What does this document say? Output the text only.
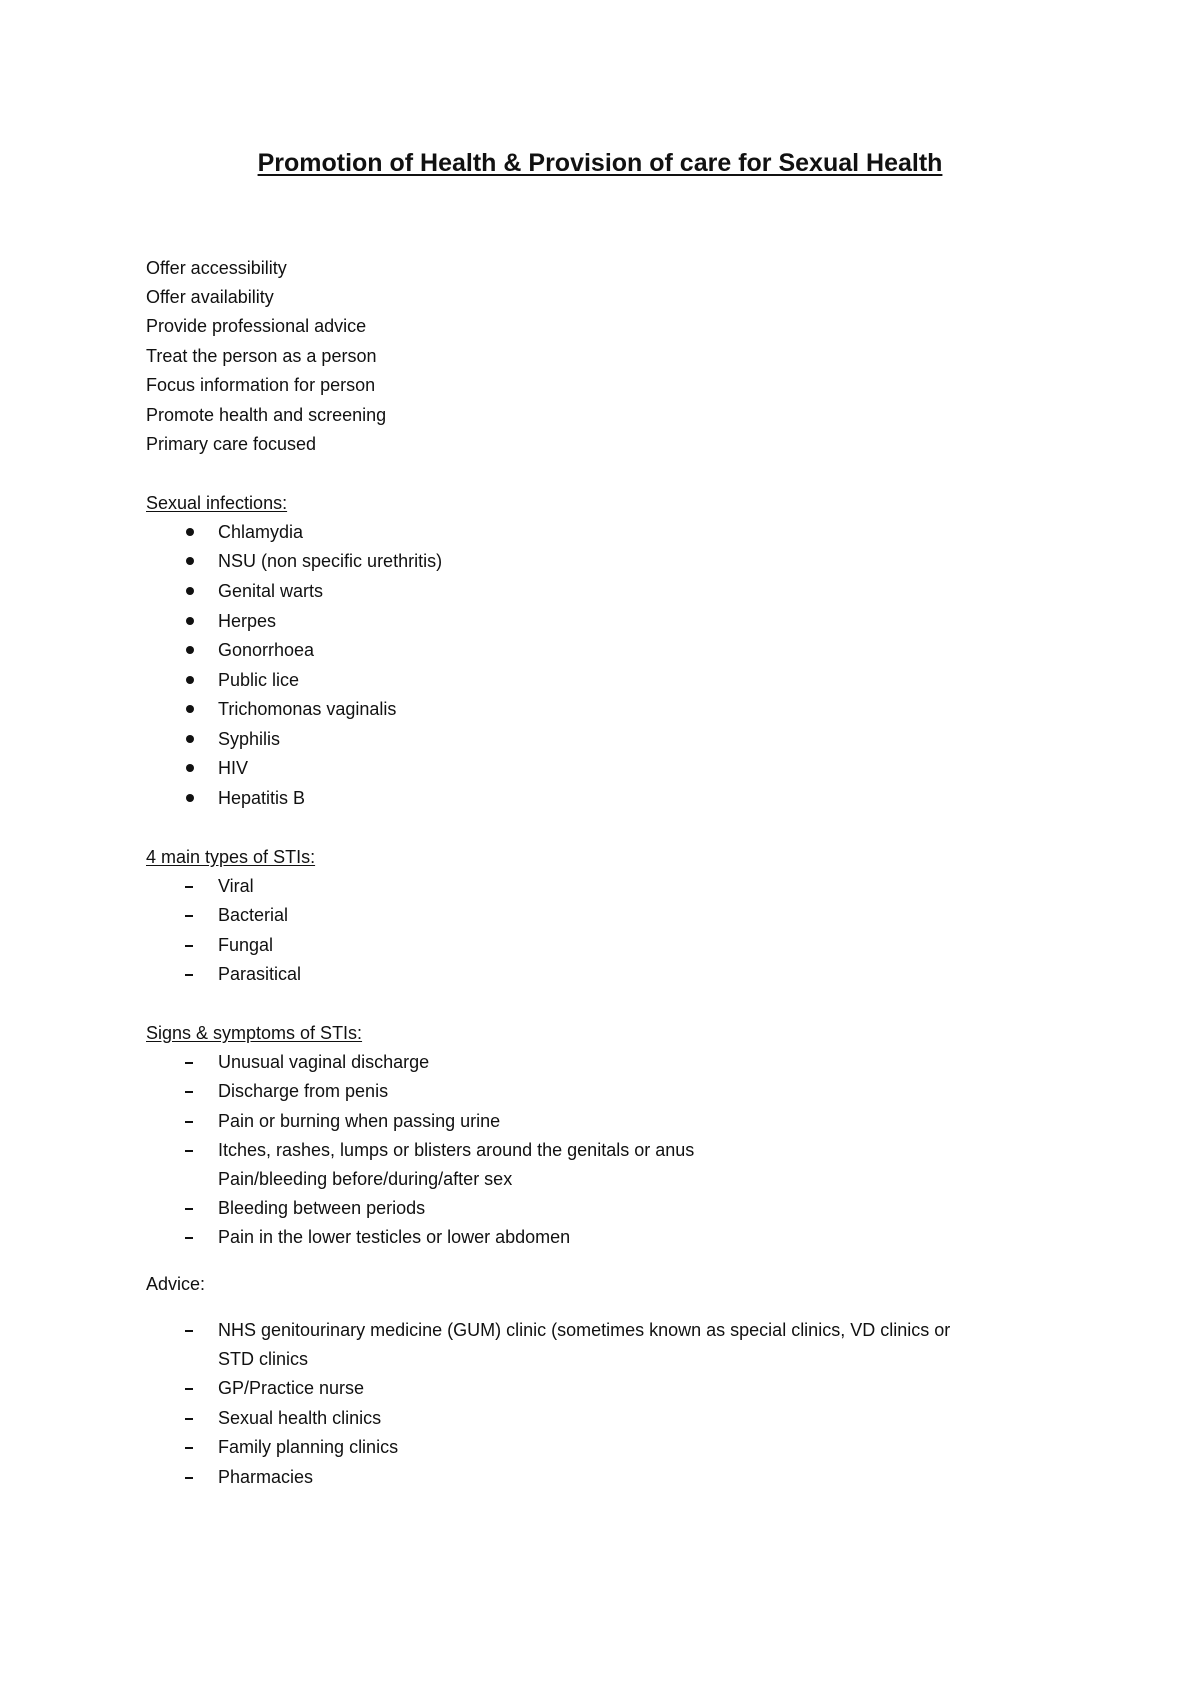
Promotion of Health & Provision of care for Sexual Health
Offer accessibility
Offer availability
Provide professional advice
Treat the person as a person
Focus information for person
Promote health and screening
Primary care focused
Sexual infections:
Chlamydia
NSU (non specific urethritis)
Genital warts
Herpes
Gonorrhoea
Public lice
Trichomonas vaginalis
Syphilis
HIV
Hepatitis B
4 main types of STIs:
Viral
Bacterial
Fungal
Parasitical
Signs & symptoms of STIs:
Unusual vaginal discharge
Discharge from penis
Pain or burning when passing urine
Itches, rashes, lumps or blisters around the genitals or anus
Pain/bleeding before/during/after sex
Bleeding between periods
Pain in the lower testicles or lower abdomen
Advice:
NHS genitourinary medicine (GUM) clinic (sometimes known as special clinics, VD clinics or
STD clinics
GP/Practice nurse
Sexual health clinics
Family planning clinics
Pharmacies
